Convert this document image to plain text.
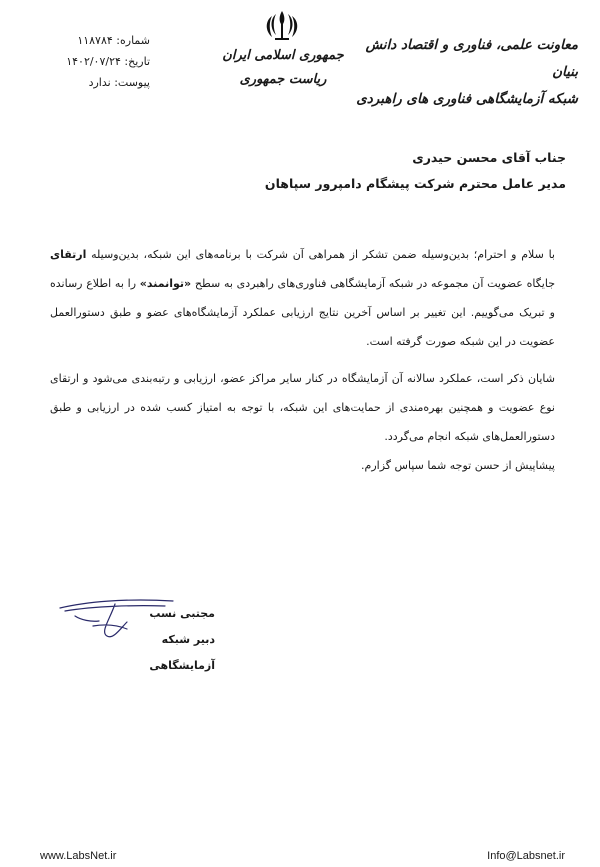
شماره: ۱۱۸۷۸۴
تاریخ: ۱۴۰۲/۰۷/۲۴
پیوست: ندارد
جمهوری اسلامی ایران
ریاست جمهوری
معاونت علمی، فناوری و اقتصاد دانش بنیان
شبکه آزمایشگاهی فناوری های راهبردی
جناب آقای محسن حیدری
مدیر عامل محترم شرکت پیشگام دامپرور سپاهان

با سلام و احترام؛ بدین‌وسیله ضمن تشکر از همراهی آن شرکت با برنامه‌های این شبکه، بدین‌وسیله ارتقای جایگاه عضویت آن مجموعه در شبکه آزمایشگاهی فناوری‌های راهبردی به سطح «توانمند» را به اطلاع رسانده و تبریک می‌گوییم. این تغییر بر اساس آخرین نتایج ارزیابی عملکرد آزمایشگاه‌های عضو و طبق دستورالعمل عضویت در این شبکه صورت گرفته است.

شایان ذکر است، عملکرد سالانه آن آزمایشگاه در کنار سایر مراکز عضو، ارزیابی و رتبه‌بندی می‌شود و ارتقای نوع عضویت و همچنین بهره‌مندی از حمایت‌های این شبکه، با توجه به امتیاز کسب شده در ارزیابی و طبق دستورالعمل‌های شبکه انجام می‌گردد.

پیشاپیش از حسن توجه شما سپاس گزارم.

مجتبی نسب
دبیر شبکه آزمایشگاهی
www.LabsNet.ir	Info@Labsnet.ir
